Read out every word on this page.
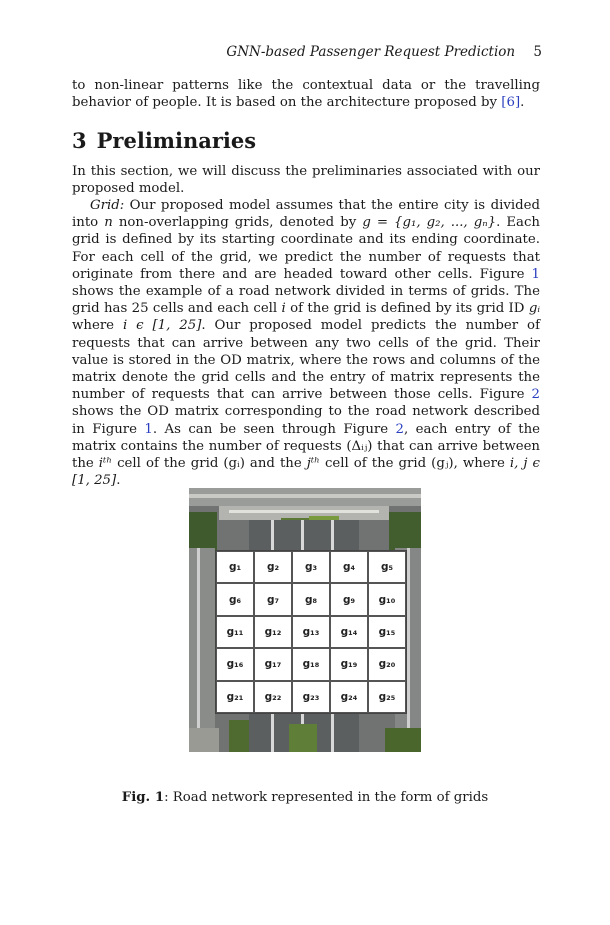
GNN-based Passenger Request Prediction 5

to non-linear patterns like the contextual data or the travelling behavior of people. It is based on the architecture proposed by [6].

3 Preliminaries

In this section, we will discuss the preliminaries associated with our proposed model.

Grid: Our proposed model assumes that the entire city is divided into n non-overlapping grids, denoted by g = {g₁, g₂, ..., gₙ}. Each grid is defined by its starting coordinate and its ending coordinate. For each cell of the grid, we predict the number of requests that originate from there and are headed toward other cells. Figure 1 shows the example of a road network divided in terms of grids. The grid has 25 cells and each cell i of the grid is defined by its grid ID gᵢ where i ϵ [1, 25]. Our proposed model predicts the number of requests that can arrive between any two cells of the grid. Their value is stored in the OD matrix, where the rows and columns of the matrix denote the grid cells and the entry of matrix represents the number of requests that can arrive between those cells. Figure 2 shows the OD matrix corresponding to the road network described in Figure 1. As can be seen through Figure 2, each entry of the matrix contains the number of requests (Δᵢⱼ) that can arrive between the iᵗʰ cell of the grid (gᵢ) and the jᵗʰ cell of the grid (gⱼ), where i, j ϵ [1, 25].

g₁	g₂	g₃	g₄	g₅
g₆	g₇	g₈	g₉	g₁₀
g₁₁	g₁₂	g₁₃	g₁₄	g₁₅
g₁₆	g₁₇	g₁₈	g₁₉	g₂₀
g₂₁	g₂₂	g₂₃	g₂₄	g₂₅
Fig. 1: Road network represented in the form of grids
